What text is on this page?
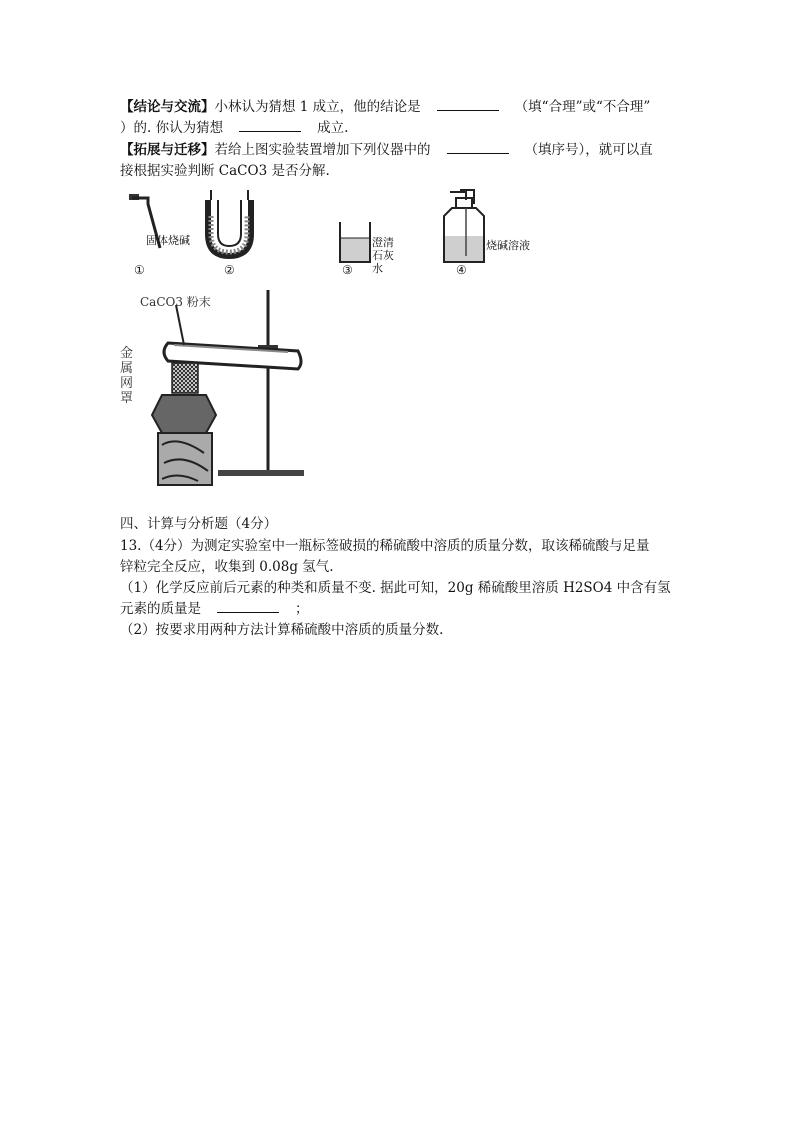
【结论与交流】小林认为猜想 1 成立，他的结论是	（填“合理”或“不合理”
）的. 你认为猜想	成立.
【拓展与迁移】若给上图实验装置增加下列仪器中的	（填序号），就可以直
接根据实验判断 CaCO3 是否分解.
固体烧碱	澄清石灰水
烧碱溶液
①	②	③	④
CaCO3 粉末
金属网罩
四、计算与分析题（4分）
13.（4分）为测定实验室中一瓶标签破损的稀硫酸中溶质的质量分数，取该稀硫酸与足量
锌粒完全反应，收集到 0.08g 氢气.
（1）化学反应前后元素的种类和质量不变. 据此可知，20g 稀硫酸里溶质 H2SO4 中含有氢
元素的质量是	；
（2）按要求用两种方法计算稀硫酸中溶质的质量分数.
